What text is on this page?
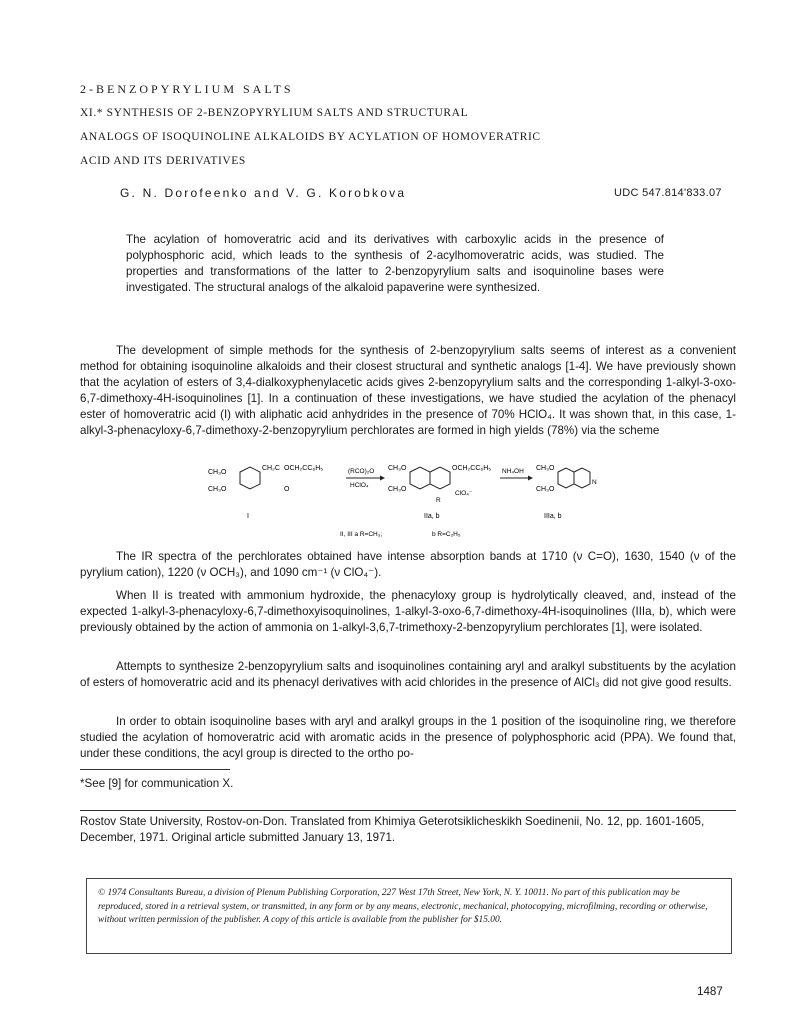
2-BENZOPYRYLIUM SALTS
XI.* SYNTHESIS OF 2-BENZOPYRYLIUM SALTS AND STRUCTURAL
ANALOGS OF ISOQUINOLINE ALKALOIDS BY ACYLATION OF HOMOVERATRIC
ACID AND ITS DERIVATIVES
G. N. Dorofeenko and V. G. Korobkova	UDC 547.814'833.07

The acylation of homoveratric acid and its derivatives with carboxylic acids in the presence of polyphosphoric acid, which leads to the synthesis of 2-acylhomoveratric acids, was studied. The properties and transformations of the latter to 2-benzopyrylium salts and isoquinoline bases were investigated. The structural analogs of the alkaloid papaverine were synthesized.

The development of simple methods for the synthesis of 2-benzopyrylium salts seems of interest as a convenient method for obtaining isoquinoline alkaloids and their closest structural and synthetic analogs [1-4]. We have previously shown that the acylation of esters of 3,4-dialkoxyphenylacetic acids gives 2-benzopyrylium salts and the corresponding 1-alkyl-3-oxo-6,7-dimethoxy-4H-isoquinolines [1]. In a continuation of these investigations, we have studied the acylation of the phenacyl ester of homoveratric acid (I) with aliphatic acid anhydrides in the presence of 70% HClO₄. It was shown that, in this case, 1-alkyl-3-phenacyloxy-6,7-dimethoxy-2-benzopyrylium perchlorates are formed in high yields (78%) via the scheme

CH₃O
CH₃O
CH₂C OCH₂CC₆H₅
O
I
(RCO)₂O
HClO₄
CH₃O
CH₃O
OCH₂CC₆H₅
ClO₄⁻
R
IIa, b
NH₄OH CH₃O
CH₃O
N
IIIa, b
II, III a R=CH₃;	b R=C₂H₅

The IR spectra of the perchlorates obtained have intense absorption bands at 1710 (ν C=O), 1630, 1540 (ν of the pyrylium cation), 1220 (ν OCH₃), and 1090 cm⁻¹ (ν ClO₄⁻).

When II is treated with ammonium hydroxide, the phenacyloxy group is hydrolytically cleaved, and, instead of the expected 1-alkyl-3-phenacyloxy-6,7-dimethoxyisoquinolines, 1-alkyl-3-oxo-6,7-dimethoxy-4H-isoquinolines (IIIa, b), which were previously obtained by the action of ammonia on 1-alkyl-3,6,7-trimethoxy-2-benzopyrylium perchlorates [1], were isolated.

Attempts to synthesize 2-benzopyrylium salts and isoquinolines containing aryl and aralkyl substituents by the acylation of esters of homoveratric acid and its phenacyl derivatives with acid chlorides in the presence of AlCl₃ did not give good results.

In order to obtain isoquinoline bases with aryl and aralkyl groups in the 1 position of the isoquinoline ring, we therefore studied the acylation of homoveratric acid with aromatic acids in the presence of polyphosphoric acid (PPA). We found that, under these conditions, the acyl group is directed to the ortho po-

*See [9] for communication X.

Rostov State University, Rostov-on-Don. Translated from Khimiya Geterotsiklicheskikh Soedinenii, No. 12, pp. 1601-1605, December, 1971. Original article submitted January 13, 1971.

© 1974 Consultants Bureau, a division of Plenum Publishing Corporation, 227 West 17th Street, New York, N. Y. 10011. No part of this publication may be reproduced, stored in a retrieval system, or transmitted, in any form or by any means, electronic, mechanical, photocopying, microfilming, recording or otherwise, without written permission of the publisher. A copy of this article is available from the publisher for $15.00.

1487
